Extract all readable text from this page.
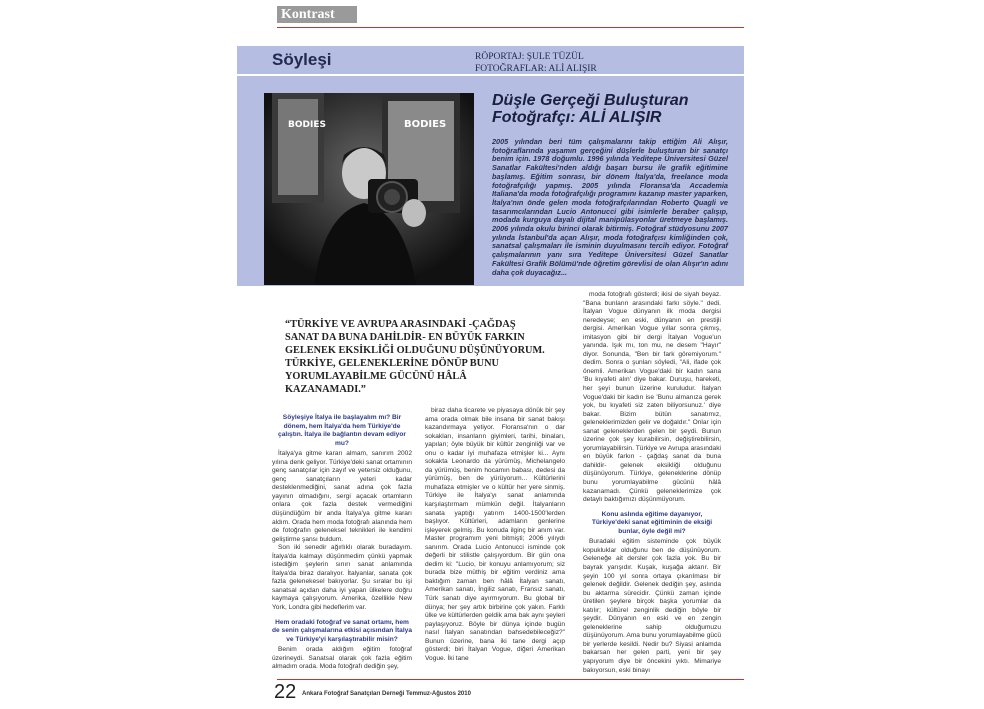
Kontrast
Söyleşi	RÖPORTAJ: ŞULE TÜZÜL
FOTOĞRAFLAR: ALİ ALIŞIR
BODIES	BODIES
Düşle Gerçeği Buluşturan Fotoğrafçı: ALİ ALIŞIR
2005 yılından beri tüm çalışmalarını takip ettiğim Ali Alışır, fotoğraflarında yaşamın gerçeğini düşlerle buluşturan bir sanatçı benim için. 1978 doğumlu. 1996 yılında Yeditepe Üniversitesi Güzel Sanatlar Fakültesi'nden aldığı başarı bursu ile grafik eğitimine başlamış. Eğitim sonrası, bir dönem İtalya'da, freelance moda fotoğrafçılığı yapmış. 2005 yılında Floransa'da Accademia Italiana'da moda fotoğrafçılığı programını kazanıp master yaparken, İtalya'nın önde gelen moda fotoğrafçılarından Roberto Quagli ve tasarımcılarından Lucio Antonucci gibi isimlerle beraber çalışıp, modada kurguya dayalı dijital manipülasyonlar üretmeye başlamış. 2006 yılında okulu birinci olarak bitirmiş. Fotoğraf stüdyosunu 2007 yılında İstanbul'da açan Alışır, moda fotoğrafçısı kimliğinden çok, sanatsal çalışmaları ile isminin duyulmasını tercih ediyor. Fotoğraf çalışmalarının yanı sıra Yeditepe Üniversitesi Güzel Sanatlar Fakültesi Grafik Bölümü'nde öğretim görevlisi de olan Alışır'ın adını daha çok duyacağız...
“TÜRKİYE VE AVRUPA ARASINDAKİ -ÇAĞDAŞ SANAT DA BUNA DAHİLDİR- EN BÜYÜK FARKIN GELENEK EKSİKLİĞİ OLDUĞUNU DÜŞÜNÜYORUM. TÜRKİYE, GELENEKLERİNE DÖNÜP BUNU YORUMLAYABİLME GÜCÜNÜ HÂLÂ KAZANAMADI.”

Söyleşiye İtalya ile başlayalım mı? Bir dönem, hem İtalya'da hem Türkiye'de çalıştın. İtalya ile bağlantın devam ediyor mu?

İtalya'ya gitme kararı almam, sanırım 2002 yılına denk geliyor. Türkiye'deki sanat ortamının genç sanatçılar için zayıf ve yetersiz olduğunu, genç sanatçıların yeteri kadar desteklenmediğini, sanat adına çok fazla yayının olmadığını, sergi açacak ortamların onlara çok fazla destek vermediğini düşündüğüm bir anda İtalya'ya gitme kararı aldım. Orada hem moda fotoğrafı alanında hem de fotoğrafın geleneksel teknikleri ile kendimi geliştirme şansı buldum.

Son iki senedir ağırlıklı olarak buradayım. İtalya'da kalmayı düşünmedim çünkü yapmak istediğim şeylerin sınırı sanat anlamında İtalya'da biraz daralıyor. İtalyanlar, sanata çok fazla gelenekesel bakıyorlar. Şu sıralar bu işi sanatsal açıdan daha iyi yapan ülkelere doğru kaymaya çalışıyorum. Amerika, özellikle New York, Londra gibi hedeflerim var.

Hem oradaki fotoğraf ve sanat ortamı, hem de senin çalışmalarına etkisi açısından İtalya ve Türkiye'yi karşılaştırabilir misin?

Benim orada aldığım eğitim fotoğraf üzerineydi. Sanatsal olarak çok fazla eğitim almadım orada. Moda fotoğrafı dediğin şey,

biraz daha ticarete ve piyasaya dönük bir şey ama orada olmak bile insana bir sanat bakışı kazandırmaya yetiyor. Floransa'nın o dar sokakları, insanların giyimleri, tarihi, binaları, yapıları; öyle büyük bir kültür zenginliği var ve onu o kadar iyi muhafaza etmişler ki... Aynı sokakta Leonardo da yürümüş, Michelangelo da yürümüş, benim hocamın babası, dedesi da yürümüş, ben de yürüyorum... Kültürlerini muhafaza etmişler ve o kültür her yere sinmiş. Türkiye ile İtalya'yı sanat anlamında karşılaştırmam mümkün değil. İtalyanların sanata yaptığı yatırım 1400-1500'lerden başlıyor. Kültürleri, adamların genlerine işleyerek gelmiş. Bu konuda ilginç bir anım var. Master programım yeni bitmişti; 2006 yılıydı sanırım. Orada Lucio Antonucci isminde çok değerli bir stilistle çalışıyordum. Bir gün ona dedim ki: "Lucio, bir konuyu anlamıyorum; siz burada bize müthiş bir eğitim verdiniz ama baktığım zaman ben hâlâ İtalyan sanatı, Amerikan sanatı, İngiliz sanatı, Fransız sanatı, Türk sanatı diye ayırmıyorum. Bu global bir dünya; her şey artık birbirine çok yakın. Farklı ülke ve kültürlerden geldik ama bak aynı şeyleri paylaşıyoruz. Böyle bir dünya içinde bugün nasıl İtalyan sanatından bahsedebileceğiz?" Bunun üzerine, bana iki tane dergi açıp gösterdi; biri İtalyan Vogue, diğeri Amerikan Vogue. İki tane

moda fotoğrafı gösterdi; ikisi de siyah beyaz. "Bana bunların arasındaki farkı söyle." dedi. İtalyan Vogue dünyanın ilk moda dergisi neredeyse; en eski, dünyanın en prestijli dergisi. Amerikan Vogue yıllar sonra çıkmış, imitasyon gibi bir dergi İtalyan Vogue'un yanında. Işık mı, ton mu, ne desem "Hayır" diyor. Sonunda, "Ben bir fark göremiyorum." dedim. Sonra o şunları söyledi, "Ali, ifade çok önemli. Amerikan Vogue'daki bir kadın sana 'Bu kıyafeti alın' diye bakar. Duruşu, hareketi, her şeyi bunun üzerine kuruludur. İtalyan Vogue'daki bir kadın ise 'Bunu almanıza gerek yok, bu kıyafeti siz zaten biliyorsunuz.' diye bakar. Bizim bütün sanatımız, geleneklerimizden gelir ve doğaldır." Onlar için sanat geleneklerden gelen bir şeydi. Bunun üzerine çok şey kurabilirsin, değiştirebilirsin, yorumlayabilirsin. Türkiye ve Avrupa arasındaki en büyük farkın - çağdaş sanat da buna dahildir- gelenek eksikliği olduğunu düşünüyorum. Türkiye, geleneklerine dönüp bunu yorumlayabilme gücünü hâlâ kazanamadı. Çünkü geleneklerimize çok detaylı baktığımızı düşünmüyorum.

Konu aslında eğitime dayanıyor, Türkiye'deki sanat eğitiminin de eksiği bunlar, öyle değil mi?

Buradaki eğitim sisteminde çok büyük kopukluklar olduğunu ben de düşünüyorum. Geleneğe ait dersler çok fazla yok. Bu bir bayrak yarışıdır. Kuşak, kuşağa aktarır. Bir şeyin 100 yıl sonra ortaya çıkarılması bir gelenek değildir. Gelenek dediğin şey, aslında bu aktarma sürecidir. Çünkü zaman içinde üretilen şeylere birçok başka yorumlar da katılır; kültürel zenginlik dediğin böyle bir şeydir. Dünyanın en eski ve en zengin geleneklerine sahip olduğumuzu düşünüyorum. Ama bunu yorumlayabilme gücü bir yerlerde kesildi. Nedir bu? Siyasi anlamda bakarsan her gelen parti, yeni bir şey yapıyorum diye bir öncekini yıktı. Mimariye bakıyorsun, eski binayı

22 Ankara Fotoğraf Sanatçıları Derneği Temmuz-Ağustos 2010
